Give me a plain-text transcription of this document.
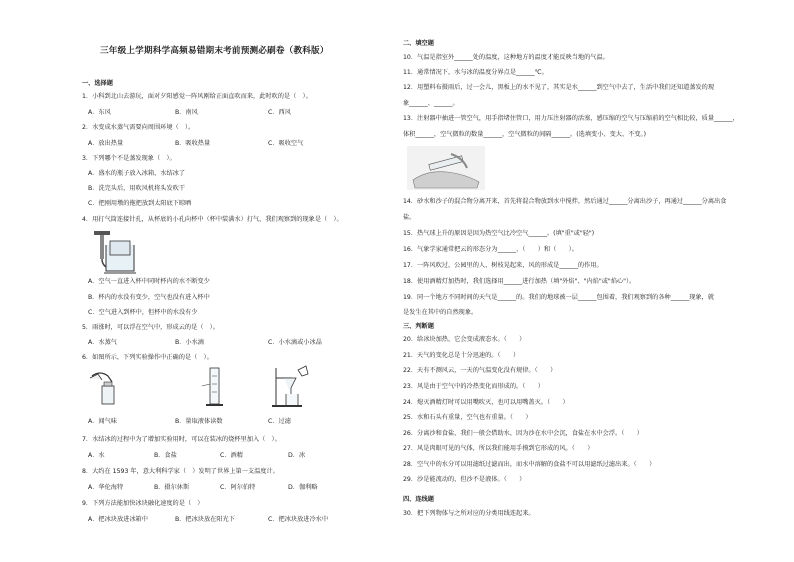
三年级上学期科学高频易错期末考前预测必刷卷（教科版）
一、选择题
1．小科到北山去游玩，面对夕阳感觉一阵风刚给正面直吹而来，此时吹的是（　）。
A．东风	B．南风	C．西风
2．水变成水蒸气需要向周围环境（　）。
A．放出热量	B．吸收热量	C．吸收空气
3．下列哪个不是蒸发现象（　）。
A．盛水的瓶子放入冰箱，水结冰了
B．洗完头后，用吹风机将头发吹干
C．把刚用墩的拖把放到太阳底下晾晒
4．用打气筒连接针孔，从杯底的小孔向杯中（杯中装满水）打气，我们观察到的现象是（　）。
A．空气一直进入杯中同时杯内的水不断变少
B．杯内的水没有变少，空气也没有进入杯中
C．空气进入到杯中，但杯中的水没有少
5．雨涨时，可以浮在空气中，形成云的是（　）。
A．水蒸气	B．小水滴	C．小水滴或小冰晶
6．如图所示，下列实验操作中正确的是（　）。
A．闻气味	B．量取液体读数	C．过滤
7．水结冰的过程中为了增加实验用时，可以在装冰的烧杯里加入（　）。
A．水	B．食盐	C．酒精	D．冰
8．大约在 1593 年，意大利科学家（　）发明了世界上第一支温度计。
A．华伦海特	B．摄尔休斯	C．阿尔伯特	D．伽利略
9．下列方法能加快冰块融化速度的是（　）
A．把冰块放进冰箱中	B．把冰块放在阳光下	C．把冰块放进冷水中
二、填空题
10．气温是指室外______处的温度，这种地方的温度才能反映当地的气温。
11．通常情况下，水与冰的温度分界点是______℃。
12．用塑料布摄雨后，过一会儿，黑板上的水不见了，其实是水______到空气中去了，生活中我们还知道蒸发的现
象______、______。
13．注射器中抽进一管空气，用手指堵住管口，用力压注射器的活塞，感压缩的空气与压缩前的空气相比较，质量______，
体积______，空气微粒的数量______，空气微粒的间隔______。(选填变小、变大、不变。)
14．砂水和沙子的混合物分离开来，首先将混合物放到水中搅拌，然后通过______分离出沙子，再通过______分离出食
盐。
15．热气球上升的原因是因为热空气比冷空气______。(填"重"或"轻")
16．气象学家通常把云的形态分为______、（　　）和（　　）。
17．一阵风吹过，公园里的人、树枝晃起来，风的形成是______的作用。
18．使用酒精灯加热时，我们选择用______进行加热（填"外焰"、"内焰"或"焰心"）。
19．同一个地方不同时间的天气是______的。我们的地球被一层______包围着，我们观察到的各种______现象，就
是发生在其中的自然现象。
三、判断题
20．给冰块加热，它会变成液态水。（　　）
21．天气的变化总是十分迅速的。（　　）
22．天有不测风云，一天的气温变化没有规律。（　　）
23．风是由于空气中的冷热变化而形成的。（　　）
24．熄灭酒精灯时可以用嘴吹灭，也可以用嘴盖灭。（　　）
25．水和石头有重量，空气也有重量。（　　）
26．分离沙和食盐，我们一般会借助水，因为沙在水中会沉，食盐在水中会浮。（　　）
27．风是肉眼可见的气体，所以我们能用手摸到它形成的风。（　　）
28．空气中的水分可以用滤纸过滤而出，而水中溶解的食盐不可以用滤纸过滤出来。（　　）
29．沙是能流动的，但沙不是液体。（　　）
四、连线题
30．把下列物体与之所对应的分类用线连起来。
